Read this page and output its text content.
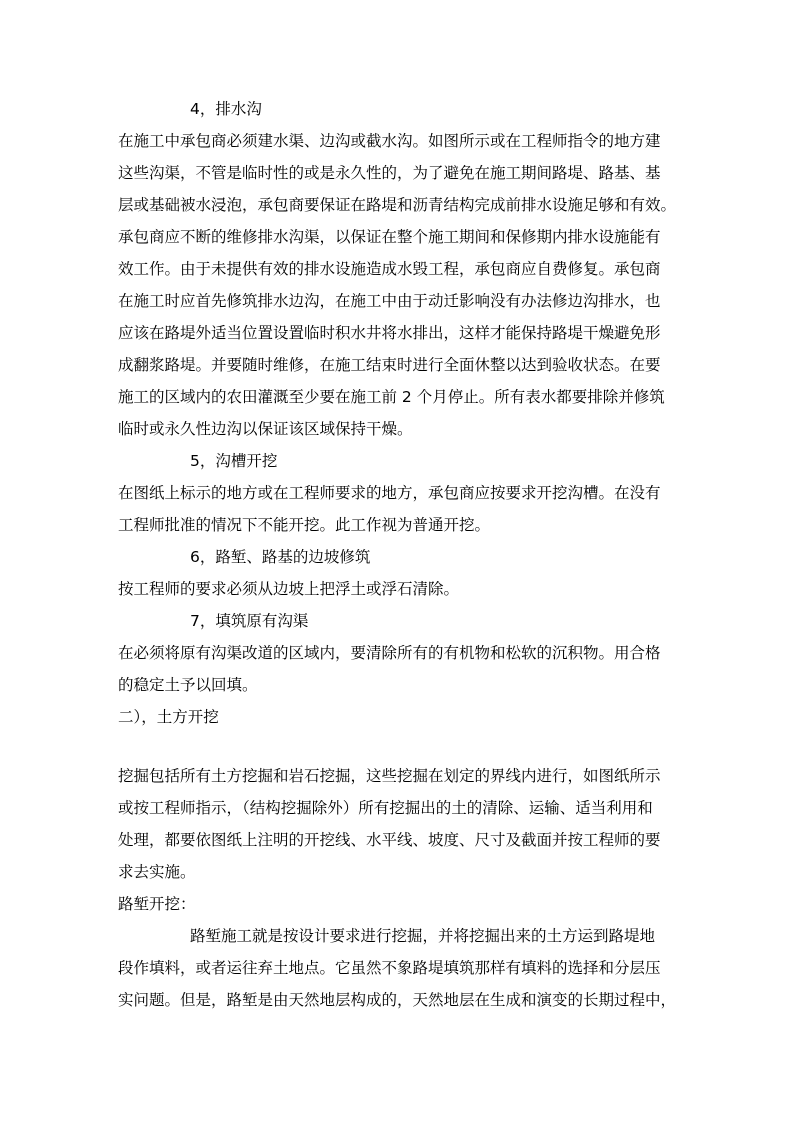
4，排水沟
在施工中承包商必须建水渠、边沟或截水沟。如图所示或在工程师指令的地方建
这些沟渠，不管是临时性的或是永久性的，为了避免在施工期间路堤、路基、基
层或基础被水浸泡，承包商要保证在路堤和沥青结构完成前排水设施足够和有效。
承包商应不断的维修排水沟渠，以保证在整个施工期间和保修期内排水设施能有
效工作。由于未提供有效的排水设施造成水毁工程，承包商应自费修复。承包商
在施工时应首先修筑排水边沟，在施工中由于动迁影响没有办法修边沟排水，也
应该在路堤外适当位置设置临时积水井将水排出，这样才能保持路堤干燥避免形
成翻浆路堤。并要随时维修，在施工结束时进行全面休整以达到验收状态。在要
施工的区域内的农田灌溉至少要在施工前 2 个月停止。所有表水都要排除并修筑
临时或永久性边沟以保证该区域保持干燥。
5，沟槽开挖
在图纸上标示的地方或在工程师要求的地方，承包商应按要求开挖沟槽。在没有
工程师批准的情况下不能开挖。此工作视为普通开挖。
6，路堑、路基的边坡修筑
按工程师的要求必须从边坡上把浮土或浮石清除。
7，填筑原有沟渠
在必须将原有沟渠改道的区域内，要清除所有的有机物和松软的沉积物。用合格
的稳定土予以回填。
二），土方开挖
挖掘包括所有土方挖掘和岩石挖掘，这些挖掘在划定的界线内进行，如图纸所示
或按工程师指示，（结构挖掘除外）所有挖掘出的土的清除、运输、适当利用和
处理，都要依图纸上注明的开挖线、水平线、坡度、尺寸及截面并按工程师的要
求去实施。
路堑开挖：
路堑施工就是按设计要求进行挖掘，并将挖掘出来的土方运到路堤地
段作填料，或者运往弃土地点。它虽然不象路堤填筑那样有填料的选择和分层压
实问题。但是，路堑是由天然地层构成的，天然地层在生成和演变的长期过程中，
